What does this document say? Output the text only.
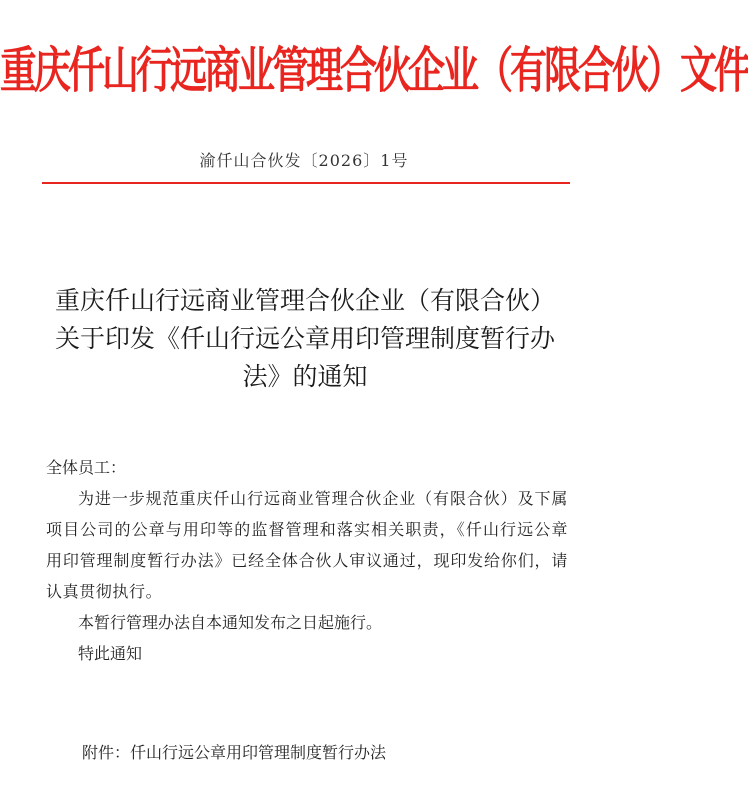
重庆仟山行远商业管理合伙企业（有限合伙）文件
渝仟山合伙发〔2026〕1号
重庆仟山行远商业管理合伙企业（有限合伙）
关于印发《仟山行远公章用印管理制度暂行办
法》的通知
全体员工：
为进一步规范重庆仟山行远商业管理合伙企业（有限合伙）及下属项目公司的公章与用印等的监督管理和落实相关职责，《仟山行远公章用印管理制度暂行办法》已经全体合伙人审议通过，现印发给你们，请认真贯彻执行。
本暂行管理办法自本通知发布之日起施行。
特此通知
附件：仟山行远公章用印管理制度暂行办法
